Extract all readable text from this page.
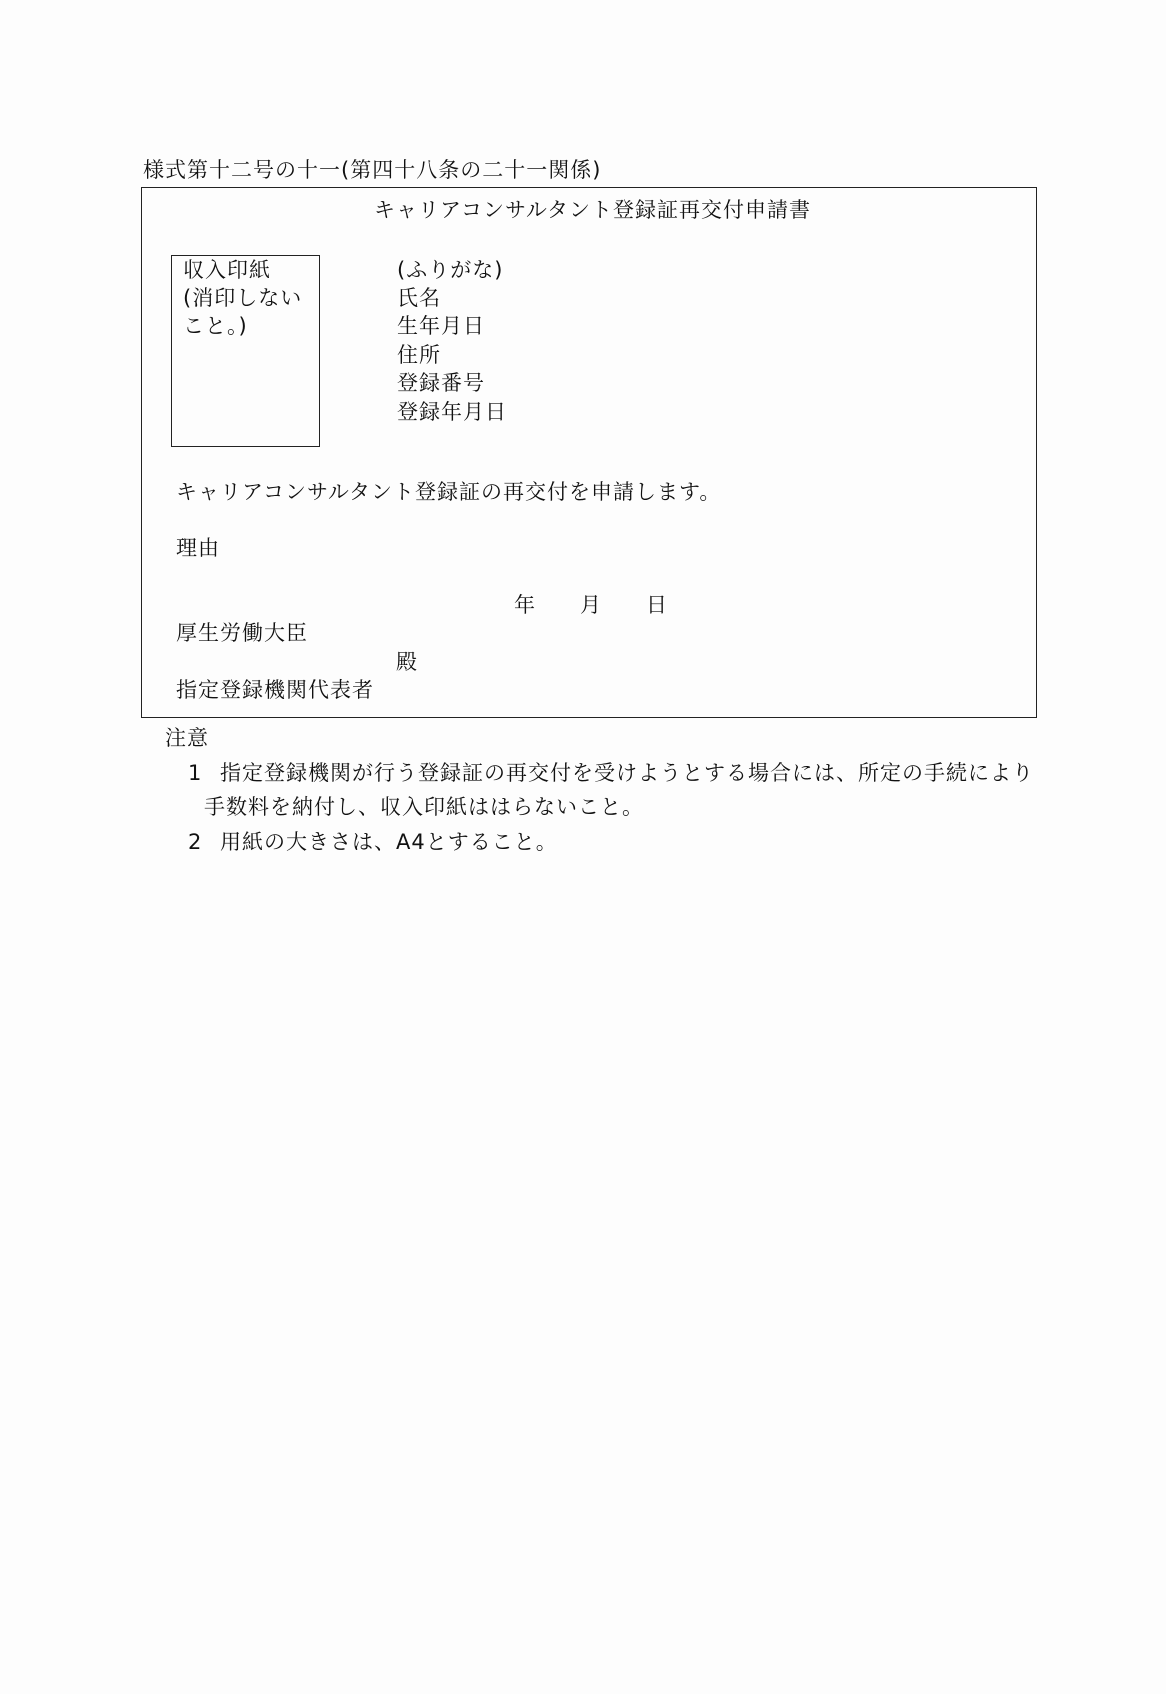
様式第十二号の十一(第四十八条の二十一関係)
キャリアコンサルタント登録証再交付申請書
収入印紙
(消印しない
こと。)
(ふりがな)
氏名
生年月日
住所
登録番号
登録年月日
キャリアコンサルタント登録証の再交付を申請します。
理由
年 月 日
厚生労働大臣
殿
指定登録機関代表者
注意
1 指定登録機関が行う登録証の再交付を受けようとする場合には、所定の手続により
手数料を納付し、収入印紙ははらないこと。
2 用紙の大きさは、A4とすること。
